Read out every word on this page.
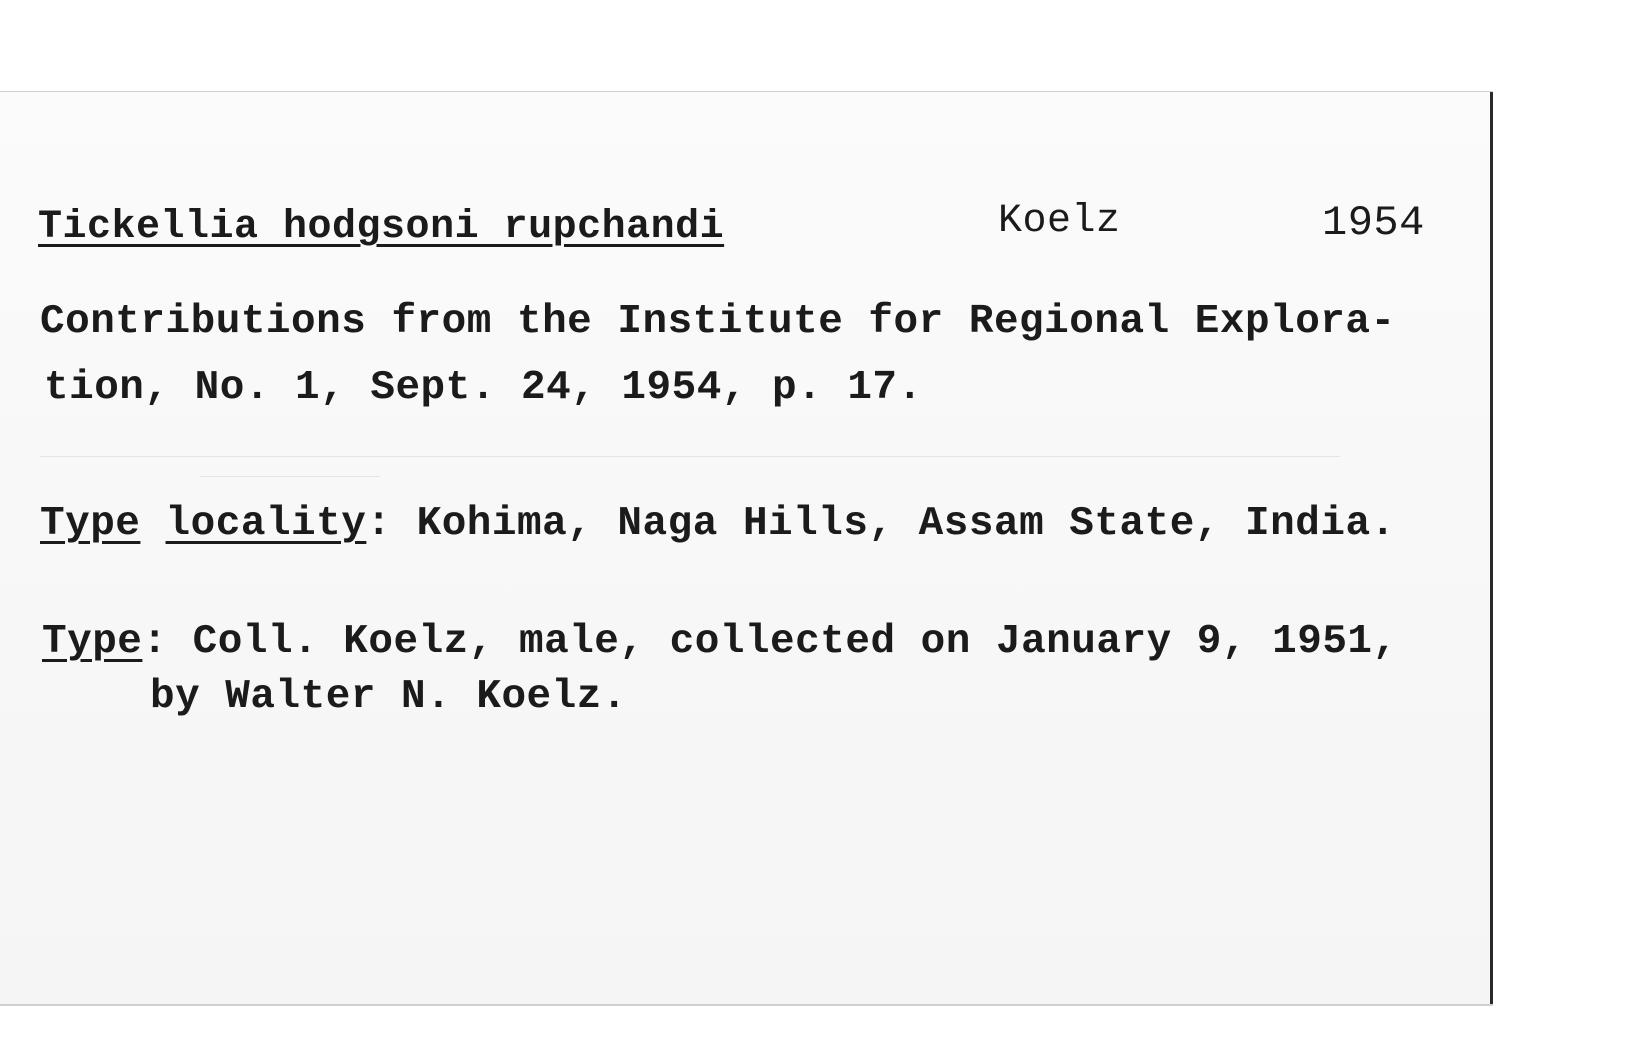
Tickellia hodgsoni rupchandi	Koelz	1954
Contributions from the Institute for Regional Explora-
tion, No. 1, Sept. 24, 1954, p. 17.
Type locality: Kohima, Naga Hills, Assam State, India.
Type: Coll. Koelz, male, collected on January 9, 1951,
by Walter N. Koelz.
